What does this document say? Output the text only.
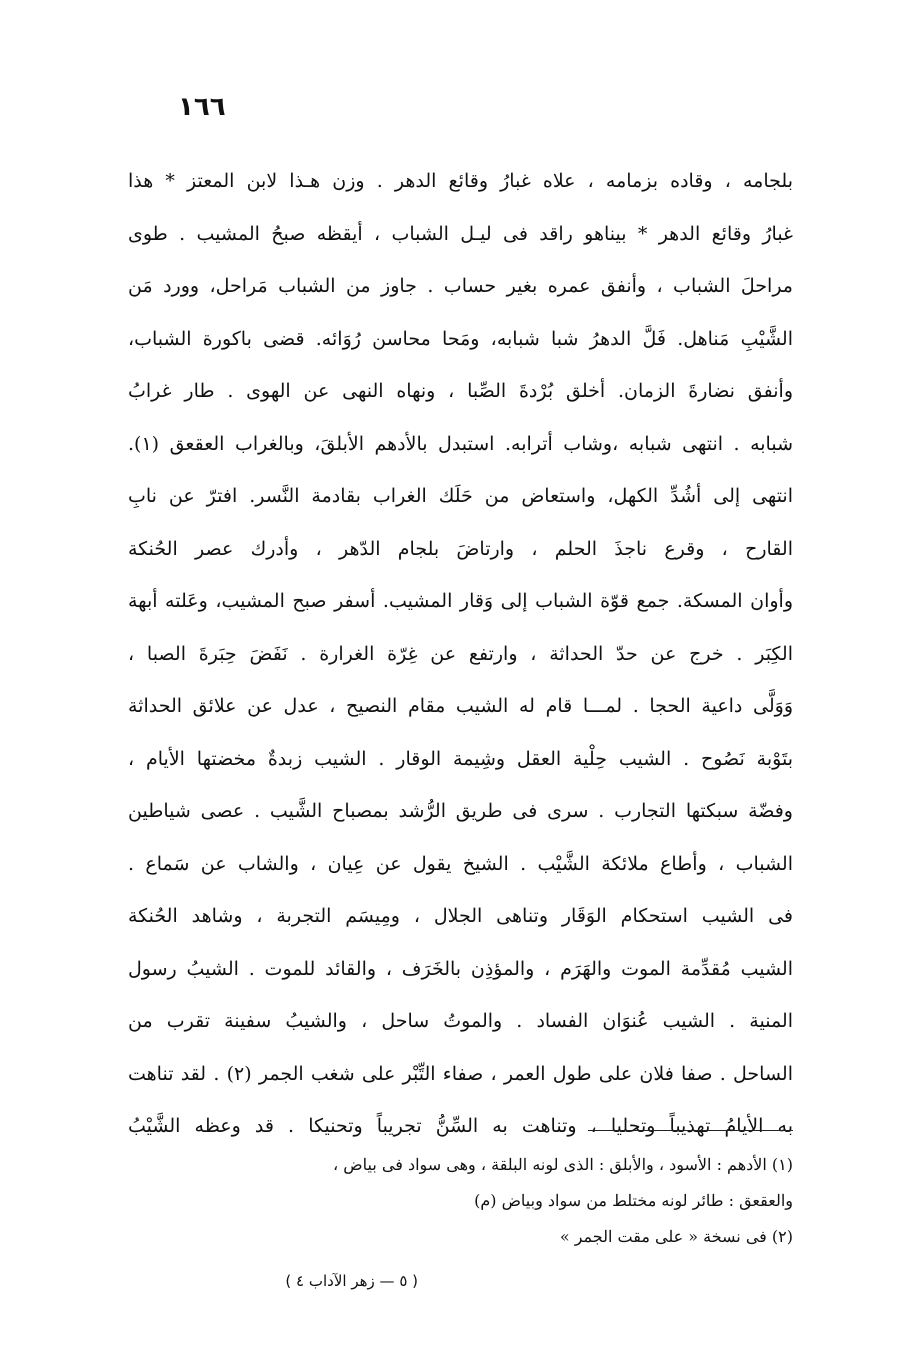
١٦٦
بلجامه ، وقاده بزمامه ، علاه غبارُ وقائع الدهر . وزن هـذا لابن المعتز * هذا
غبارُ وقائع الدهر * بيناهو راقد فى ليـل الشباب ، أيقظه صبحُ المشيب . طوى
مراحلَ الشباب ، وأنفق عمره بغير حساب . جاوز من الشباب مَراحل، وورد مَن
الشَّيْبِ مَناهل. فَلَّ الدهرُ شبا شبابه، ومَحا محاسن رُوَائه. قضى باكورة الشباب،
وأنفق نضارةَ الزمان. أخلق بُرْدةَ الصِّبا ، ونهاه النهى عن الهوى . طار غرابُ
شبابه . انتهى شبابه ،وشاب أترابه. استبدل بالأدهم الأبلقَ، وبالغراب العقعق (١).
انتهى إلى أشُدِّ الكهل، واستعاض من حَلَك الغراب بقادمة النَّسر. افترّ عن نابِ
القارح ، وقرع ناجذَ الحلم ، وارتاضَ بلجام الدّهر ، وأدرك عصر الحُنكة
وأوان المسكة. جمع قوّة الشباب إلى وَقار المشيب. أسفر صبح المشيب، وعَلته أبهة
الكِبَر . خرج عن حدّ الحداثة ، وارتفع عن غِرّة الغرارة . نَفَضَ حِبَرةَ الصبا ،
وَوَلَّى داعية الحجا . لمـــا قام له الشيب مقام النصيح ، عدل عن علائق الحداثة
بتَوْبة نَصُوح . الشيب حِلْية العقل وشِيمة الوقار . الشيب زبدةٌ مخضتها الأيام ،
وفضّة سبكتها التجارب . سرى فى طريق الرُّشد بمصباح الشَّيب . عصى شياطين
الشباب ، وأطاع ملائكة الشَّيْب . الشيخ يقول عن عِيان ، والشاب عن سَماع .
فى الشيب استحكام الوَقَار وتناهى الجلال ، ومِيسَم التجربة ، وشاهد الحُنكة
الشيب مُقدِّمة الموت والهَرَم ، والمؤذِن بالخَرَف ، والقائد للموت . الشيبُ رسول
المنية . الشيب عُنوَان الفساد . والموتُ ساحل ، والشيبُ سفينة تقرب من
الساحل . صفا فلان على طول العمر ، صفاء التِّبْر على شغب الجمر (٢) . لقد تناهت
به الأيامُ تهذيباً وتحليا ، وتناهت به السِّنُّ تجريباً وتحنيكا . قد وعظه الشَّيْبُ
(١) الأدهم : الأسود ، والأبلق : الذى لونه البلقة ، وهى سواد فى بياض ،
والعقعق : طائر لونه مختلط من سواد وبياض (م)
(٢) فى نسخة « على مقت الجمر »
( ٥ — زهر الآداب ٤ )
